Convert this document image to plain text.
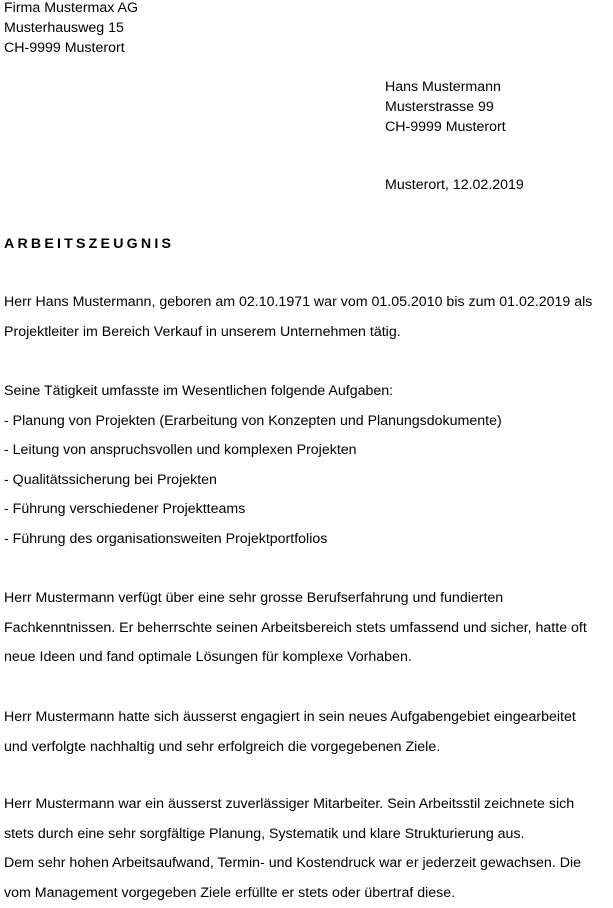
Firma Mustermax AG
Musterhausweg 15
CH-9999 Musterort
Hans Mustermann
Musterstrasse 99
CH-9999 Musterort
Musterort, 12.02.2019
ARBEITSZEUGNIS
Herr Hans Mustermann, geboren am 02.10.1971 war vom 01.05.2010 bis zum 01.02.2019 als
Projektleiter im Bereich Verkauf in unserem Unternehmen tätig.
Seine Tätigkeit umfasste im Wesentlichen folgende Aufgaben:
- Planung von Projekten (Erarbeitung von Konzepten und Planungsdokumente)
- Leitung von anspruchsvollen und komplexen Projekten
- Qualitätssicherung bei Projekten
- Führung verschiedener Projektteams
- Führung des organisationsweiten Projektportfolios
Herr Mustermann verfügt über eine sehr grosse Berufserfahrung und fundierten
Fachkenntnissen. Er beherrschte seinen Arbeitsbereich stets umfassend und sicher, hatte oft
neue Ideen und fand optimale Lösungen für komplexe Vorhaben.
Herr Mustermann hatte sich äusserst engagiert in sein neues Aufgabengebiet eingearbeitet
und verfolgte nachhaltig und sehr erfolgreich die vorgegebenen Ziele.
Herr Mustermann war ein äusserst zuverlässiger Mitarbeiter. Sein Arbeitsstil zeichnete sich
stets durch eine sehr sorgfältige Planung, Systematik und klare Strukturierung aus.
Dem sehr hohen Arbeitsaufwand, Termin- und Kostendruck war er jederzeit gewachsen. Die
vom Management vorgegeben Ziele erfüllte er stets oder übertraf diese.
